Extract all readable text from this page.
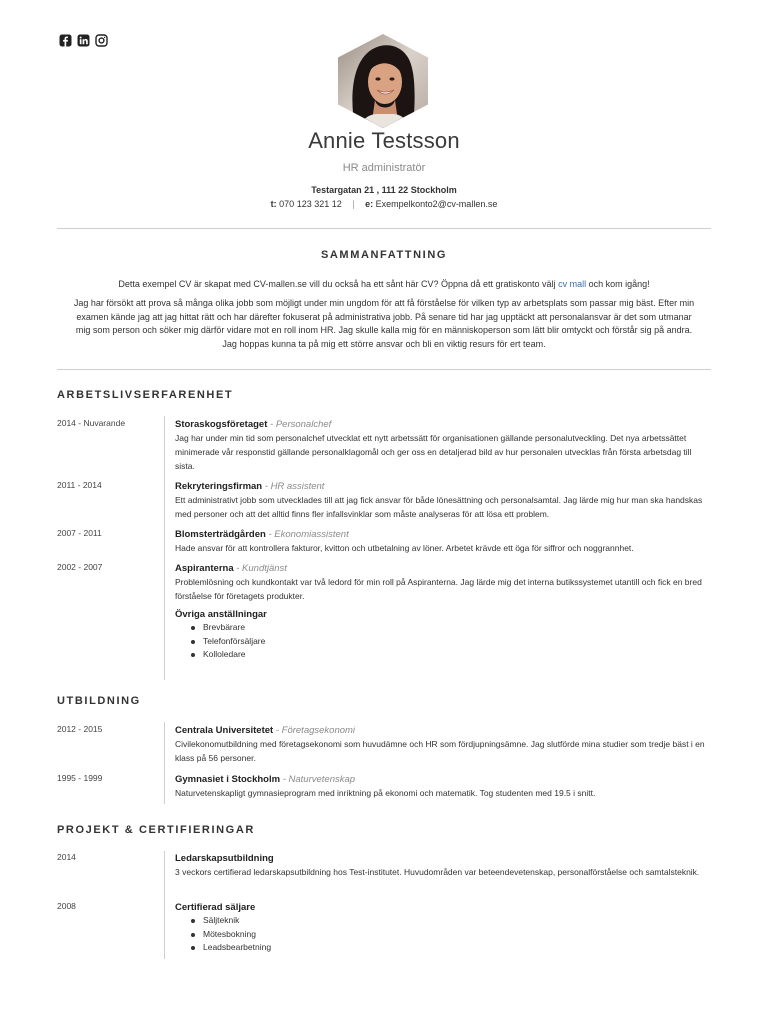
Annie Testsson
HR administratör
Testargatan 21 , 111 22 Stockholm
t: 070 123 321 12 | e: Exempelkonto2@cv-mallen.se
SAMMANFATTNING
Detta exempel CV är skapat med CV-mallen.se vill du också ha ett sånt här CV? Öppna då ett gratiskonto välj cv mall och kom igång!
Jag har försökt att prova så många olika jobb som möjligt under min ungdom för att få förståelse för vilken typ av arbetsplats som passar mig bäst. Efter min examen kände jag att jag hittat rätt och har därefter fokuserat på administrativa jobb. På senare tid har jag upptäckt att personalansvar är det som utmanar mig som person och söker mig därför vidare mot en roll inom HR. Jag skulle kalla mig för en människoperson som lätt blir omtyckt och förstår sig på andra. Jag hoppas kunna ta på mig ett större ansvar och bli en viktig resurs för ert team.
ARBETSLIVSERFARENHET
2014 - Nuvarande	Storaskogsföretaget - Personalchef
Jag har under min tid som personalchef utvecklat ett nytt arbetssätt för organisationen gällande personalutveckling. Det nya arbetssättet minimerade vår responstid gällande personalklagomål och ger oss en detaljerad bild av hur personalen utvecklas från första arbetsdag till sista.
2011 - 2014	Rekryteringsfirman - HR assistent
Ett administrativt jobb som utvecklades till att jag fick ansvar för både lönesättning och personalsamtal. Jag lärde mig hur man ska handskas med personer och att det alltid finns fler infallsvinklar som måste analyseras för att lösa ett problem.
2007 - 2011	Blomsterträdgården - Ekonomiassistent
Hade ansvar för att kontrollera fakturor, kvitton och utbetalning av löner. Arbetet krävde ett öga för siffror och noggrannhet.
2002 - 2007	Aspiranterna - Kundtjänst
Problemlösning och kundkontakt var två ledord för min roll på Aspiranterna. Jag lärde mig det interna butikssystemet utantill och fick en bred förståelse för företagets produkter.
Övriga anställningar
Brevbärare
Telefonförsäljare
Kolloledare
UTBILDNING
2012 - 2015	Centrala Universitetet - Företagsekonomi
Civilekonomutbildning med företagsekonomi som huvudämne och HR som fördjupningsämne. Jag slutförde mina studier som tredje bäst i en klass på 56 personer.
1995 - 1999	Gymnasiet i Stockholm - Naturvetenskap
Naturvetenskapligt gymnasieprogram med inriktning på ekonomi och matematik. Tog studenten med 19.5 i snitt.
PROJEKT & CERTIFIERINGAR
2014	Ledarskapsutbildning
3 veckors certifierad ledarskapsutbildning hos Test-institutet. Huvudområden var beteendevetenskap, personalförståelse och samtalsteknik.
2008	Certifierad säljare
Säljteknik
Mötesbokning
Leadsbearbetning
